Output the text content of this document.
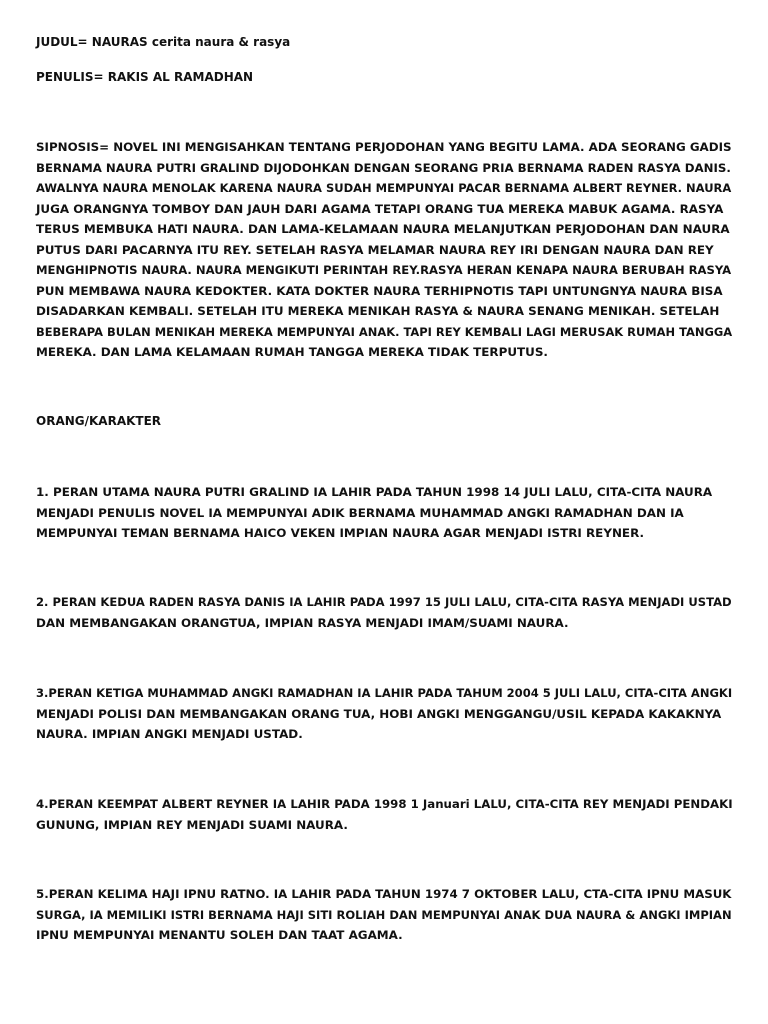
JUDUL= NAURAS cerita naura & rasya
PENULIS= RAKIS AL RAMADHAN
SIPNOSIS= NOVEL INI MENGISAHKAN TENTANG PERJODOHAN YANG BEGITU LAMA. ADA SEORANG GADIS
BERNAMA NAURA PUTRI GRALIND DIJODOHKAN DENGAN SEORANG PRIA BERNAMA RADEN RASYA DANIS.
AWALNYA NAURA MENOLAK KARENA NAURA SUDAH MEMPUNYAI PACAR BERNAMA ALBERT REYNER. NAURA
JUGA ORANGNYA TOMBOY DAN JAUH DARI AGAMA TETAPI ORANG TUA MEREKA MABUK AGAMA. RASYA
TERUS MEMBUKA HATI NAURA. DAN LAMA-KELAMAAN NAURA MELANJUTKAN PERJODOHAN DAN NAURA
PUTUS DARI PACARNYA ITU REY. SETELAH RASYA MELAMAR NAURA REY IRI DENGAN NAURA DAN REY
MENGHIPNOTIS NAURA. NAURA MENGIKUTI PERINTAH REY.RASYA HERAN KENAPA NAURA BERUBAH RASYA
PUN MEMBAWA NAURA KEDOKTER. KATA DOKTER NAURA TERHIPNOTIS TAPI UNTUNGNYA NAURA BISA
DISADARKAN KEMBALI. SETELAH ITU MEREKA MENIKAH RASYA & NAURA SENANG MENIKAH. SETELAH
BEBERAPA BULAN MENIKAH MEREKA MEMPUNYAI ANAK. TAPI REY KEMBALI LAGI MERUSAK RUMAH TANGGA
MEREKA. DAN LAMA KELAMAAN RUMAH TANGGA MEREKA TIDAK TERPUTUS.
ORANG/KARAKTER
1. PERAN UTAMA NAURA PUTRI GRALIND IA LAHIR PADA TAHUN 1998 14 JULI LALU, CITA-CITA NAURA
MENJADI PENULIS NOVEL IA MEMPUNYAI ADIK BERNAMA MUHAMMAD ANGKI RAMADHAN DAN IA
MEMPUNYAI TEMAN BERNAMA HAICO VEKEN IMPIAN NAURA AGAR MENJADI ISTRI REYNER.
2. PERAN KEDUA RADEN RASYA DANIS IA LAHIR PADA 1997 15 JULI LALU, CITA-CITA RASYA MENJADI USTAD
DAN MEMBANGAKAN ORANGTUA, IMPIAN RASYA MENJADI IMAM/SUAMI NAURA.
3.PERAN KETIGA MUHAMMAD ANGKI RAMADHAN IA LAHIR PADA TAHUM 2004 5 JULI LALU, CITA-CITA ANGKI
MENJADI POLISI DAN MEMBANGAKAN ORANG TUA, HOBI ANGKI MENGGANGU/USIL KEPADA KAKAKNYA
NAURA. IMPIAN ANGKI MENJADI USTAD.
4.PERAN KEEMPAT ALBERT REYNER IA LAHIR PADA 1998 1 Januari LALU, CITA-CITA REY MENJADI PENDAKI
GUNUNG, IMPIAN REY MENJADI SUAMI NAURA.
5.PERAN KELIMA HAJI IPNU RATNO. IA LAHIR PADA TAHUN 1974 7 OKTOBER LALU, CTA-CITA IPNU MASUK
SURGA, IA MEMILIKI ISTRI BERNAMA HAJI SITI ROLIAH DAN MEMPUNYAI ANAK DUA NAURA & ANGKI IMPIAN
IPNU MEMPUNYAI MENANTU SOLEH DAN TAAT AGAMA.
